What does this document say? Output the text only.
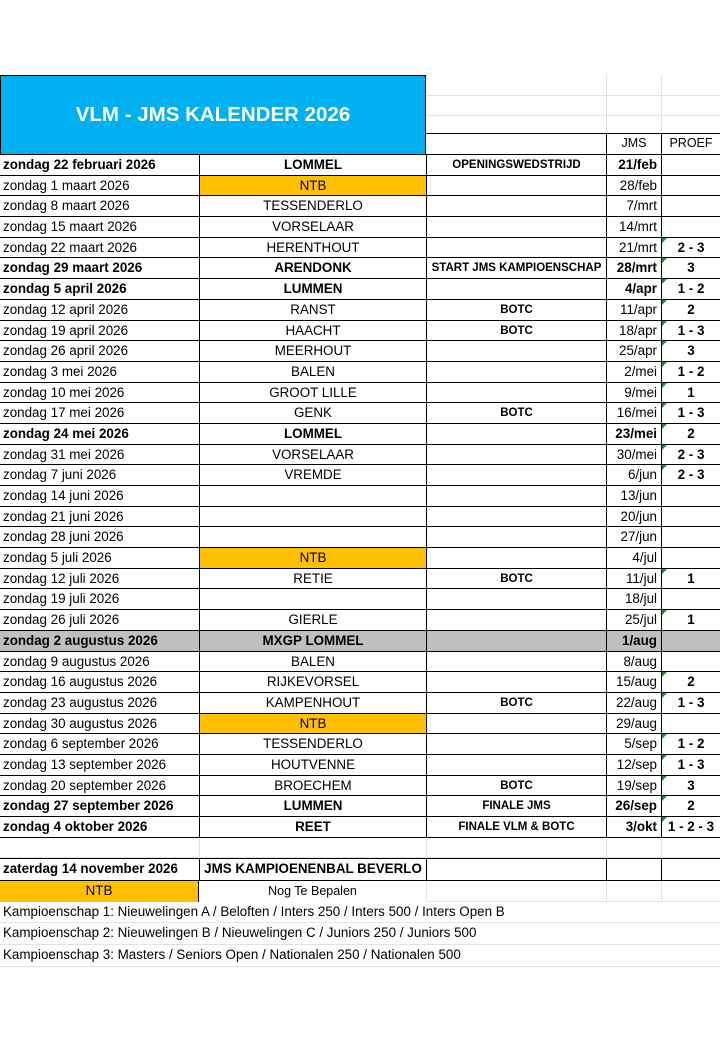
VLM - JMS KALENDER 2026
JMS	PROEF
zondag 22 februari 2026	LOMMEL	OPENINGSWEDSTRIJD	21/feb
zondag 1 maart 2026	NTB	28/feb
zondag 8 maart 2026	TESSENDERLO	7/mrt
zondag 15 maart 2026	VORSELAAR	14/mrt
zondag 22 maart 2026	HERENTHOUT	21/mrt	2 - 3
zondag 29 maart 2026	ARENDONK	START JMS KAMPIOENSCHAP	28/mrt	3
zondag 5 april 2026	LUMMEN	4/apr	1 - 2
zondag 12 april 2026	RANST	BOTC	11/apr	2
zondag 19 april 2026	HAACHT	BOTC	18/apr	1 - 3
zondag 26 april 2026	MEERHOUT	25/apr	3
zondag 3 mei 2026	BALEN	2/mei	1 - 2
zondag 10 mei 2026	GROOT LILLE	9/mei	1
zondag 17 mei 2026	GENK	BOTC	16/mei	1 - 3
zondag 24 mei 2026	LOMMEL	23/mei	2
zondag 31 mei 2026	VORSELAAR	30/mei	2 - 3
zondag 7 juni 2026	VREMDE	6/jun	2 - 3
zondag 14 juni 2026	13/jun
zondag 21 juni 2026	20/jun
zondag 28 juni 2026	27/jun
zondag 5 juli 2026	NTB	4/jul
zondag 12 juli 2026	RETIE	BOTC	11/jul	1
zondag 19 juli 2026	18/jul
zondag 26 juli 2026	GIERLE	25/jul	1
zondag 2 augustus 2026	MXGP LOMMEL	1/aug
zondag 9 augustus 2026	BALEN	8/aug
zondag 16 augustus 2026	RIJKEVORSEL	15/aug	2
zondag 23 augustus 2026	KAMPENHOUT	BOTC	22/aug	1 - 3
zondag 30 augustus 2026	NTB	29/aug
zondag 6 september 2026	TESSENDERLO	5/sep	1 - 2
zondag 13 september 2026	HOUTVENNE	12/sep	1 - 3
zondag 20 september 2026	BROECHEM	BOTC	19/sep	3
zondag 27 september 2026	LUMMEN	FINALE JMS	26/sep	2
zondag 4 oktober 2026	REET	FINALE VLM & BOTC	3/okt 1 - 2 - 3
zaterdag 14 november 2026	JMS KAMPIOENENBAL BEVERLO
NTB	Nog Te Bepalen
Kampioenschap 1: Nieuwelingen A / Beloften / Inters 250 / Inters 500 / Inters Open B
Kampioenschap 2: Nieuwelingen B / Nieuwelingen C / Juniors 250 / Juniors 500
Kampioenschap 3: Masters / Seniors Open / Nationalen 250 / Nationalen 500
